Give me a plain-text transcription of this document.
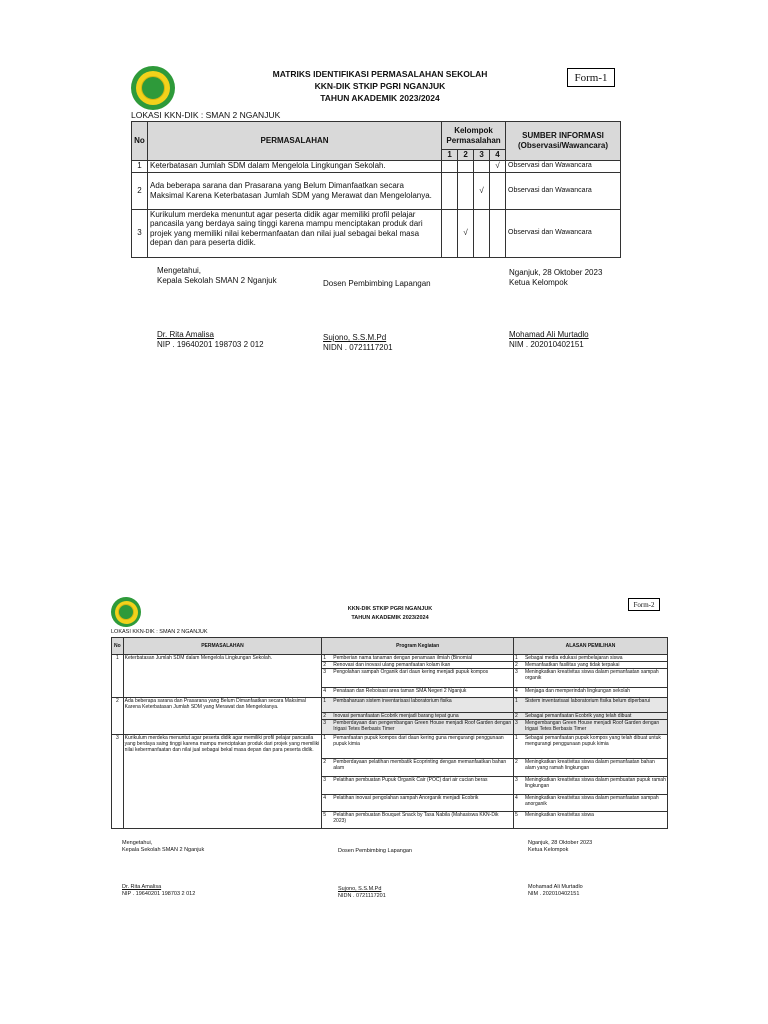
MATRIKS IDENTIFIKASI PERMASALAHAN SEKOLAH
KKN-DIK STKIP PGRI NGANJUK
TAHUN AKADEMIK 2023/2024
Form-1
LOKASI KKN-DIK : SMAN 2 NGANJUK
No	PERMASALAHAN	Kelompok Permasalahan				SUMBER INFORMASI (Observasi/Wawancara)
		1	2	3	4	
1	Keterbatasan Jumlah SDM dalam Mengelola Lingkungan Sekolah.				√	Observasi dan Wawancara
2	Ada beberapa sarana dan Prasarana yang Belum Dimanfaatkan secara Maksimal Karena Keterbatasan Jumlah SDM yang Merawat dan Mengelolanya.			√		Observasi dan Wawancara
3	Kurikulum merdeka menuntut agar peserta didik agar memiliki profil pelajar pancasila yang berdaya saing tinggi karena mampu menciptakan produk dari projek yang memiliki nilai kebermanfaatan dan nilai jual sebagai bekal masa depan dan para peserta didik.		√			Observasi dan Wawancara
Mengetahui,
Kepala Sekolah SMAN 2 Nganjuk	Dosen Pembimbing Lapangan
Nganjuk, 28 Oktober 2023
Ketua Kelompok
Dr. Rita Amalisa
NIP . 19640201 198703 2 012
Sujono, S.S.M.Pd
NIDN . 0721117201
Mohamad Ali Murtadlo
NIM . 202010402151
KKN-DIK STKIP PGRI NGANJUK
TAHUN AKADEMIK 2023/2024
Form-2
LOKASI KKN-DIK : SMAN 2 NGANJUK
No	PERMASALAHAN	Program Kegiatan	ALASAN PEMILIHAN
1	Keterbatasan Jumlah SDM dalam Mengelola Lingkungan Sekolah.	1 Pemberian nama tanaman dengan penamaan ilmiah (Binomial	1 Sebagai media edukasi pembelajaran siswa

		2 Renovasi dan inovasi ulang pemanfaatan kolam ikan	2 Memanfaatkan fasilitas yang tidak terpakai

		3 Pengolahan sampah Organik dari daun kering menjadi pupuk kompos	3 Meningkatkan kreativitas siswa dalam pemanfaatan sampah organik

		4 Penataan dan Reboisasi area taman SMA Negeri 2 Nganjuk	4 Menjaga dan memperindah lingkungan sekolah

2	Ada beberapa sarana dan Prasarana yang Belum Dimanfaatkan secara Maksimal Karena Keterbatasan Jumlah SDM yang Merawat dan Mengelolanya.	1 Pembaharuan sistem inventarisasi laboratorium fisika	1 Sistem inventarisasi laboratorium fisika belum diperbarui

		2 Inovasi pemanfaatan Ecobrik menjadi barang tepat guna	2 Sebagai pemanfaatan Ecobrik yang telah dibuat

		3 Pemberdayaan dan pengembangan Green House menjadi Roof Garden dengan Irigasi Tetes Berbasis Timer	3 Mengembangan Green House menjadi Roof Garden dengan Irigasi Tetes Berbasis Timer

3	Kurikulum merdeka menuntut agar peserta didik agar memiliki profil pelajar pancasila yang berdaya saing tinggi karena mampu menciptakan produk dari projek yang memiliki nilai kebermanfaatan dan nilai jual sebagai bekal masa depan dan para peserta didik.	1 Pemanfaatan pupuk kompos dari daun kering guna mengurangi penggunaan pupuk kimia	1 Sebagai pemanfaatan pupuk kompos yang telah dibuat untuk mengurangi penggunaan pupuk kimia

		2 Pemberdayaan pelatihan membatik Ecoprinting dengan memanfaatkan bahan alam	2 Meningkatkan kreativitas siswa dalam pemanfaatan bahan alam yang ramah lingkungan

		3 Pelatihan pembuatan Pupuk Organik Cair (POC) dari air cucian beras	3 Meningkatkan kreativitas siswa dalam pembuatan pupuk ramah lingkungan

		4 Pelatihan inovasi pengolahan sampah Anorganik menjadi Ecobrik	4 Meningkatkan kreativitas siswa dalam pemanfaatan sampah anorganik

		5 Pelatihan pembuatan Bouquet Snack by Tasa Nabila (Mahasiswa KKN-Dik 2023)	5 Meningkatkan kreativitas siswa
Mengetahui,
Kepala Sekolah SMAN 2 Nganjuk	Dosen Pembimbing Lapangan
Nganjuk, 28 Oktober 2023
Ketua Kelompok
Dr. Rita Amalisa
NIP . 19640201 198703 2 012
Sujono, S.S.M.Pd
NIDN . 0721117201
Mohamad Ali Murtadlo
NIM . 202010402151
